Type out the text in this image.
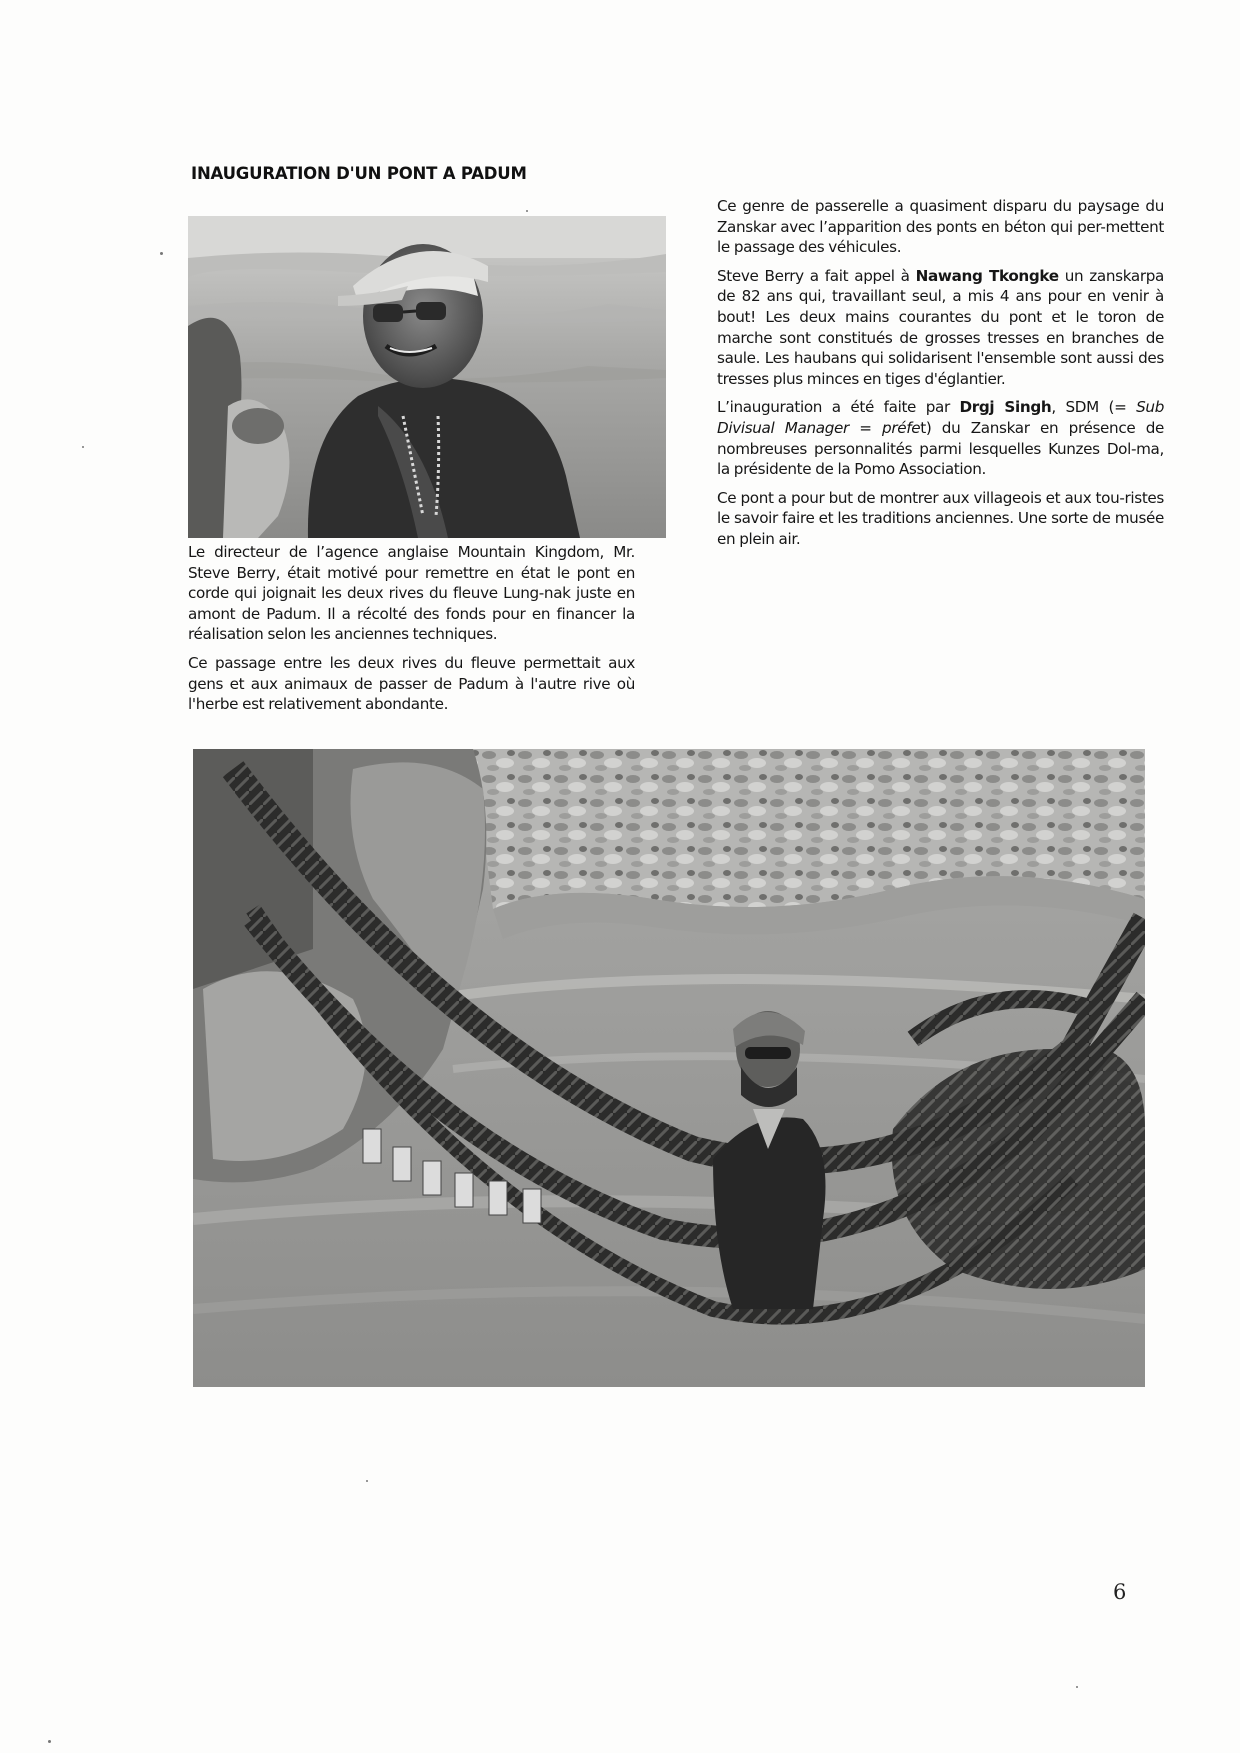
INAUGURATION D'UN PONT A PADUM

Le directeur de l’agence anglaise Mountain Kingdom, Mr. Steve Berry, était motivé pour remettre en état le pont en corde qui joignait les deux rives du fleuve Lung-nak juste en amont de Padum. Il a récolté des fonds pour en financer la réalisation selon les anciennes techniques.

Ce passage entre les deux rives du fleuve permettait aux gens et aux animaux de passer de Padum à l'autre rive où l'herbe est relativement abondante.

Ce genre de passerelle a quasiment disparu du paysage du Zanskar avec l’apparition des ponts en béton qui per-mettent le passage des véhicules.

Steve Berry a fait appel à Nawang Tkongke un zanskarpa de 82 ans qui, travaillant seul, a mis 4 ans pour en venir à bout! Les deux mains courantes du pont et le toron de marche sont constitués de grosses tresses en branches de saule. Les haubans qui solidarisent l'ensemble sont aussi des tresses plus minces en tiges d'églantier.

L’inauguration a été faite par Drgj Singh, SDM (= Sub Divisual Manager = préfet) du Zanskar en présence de nombreuses personnalités parmi lesquelles Kunzes Dol-ma, la présidente de la Pomo Association.

Ce pont a pour but de montrer aux villageois et aux tou-ristes le savoir faire et les traditions anciennes. Une sorte de musée en plein air.

6
